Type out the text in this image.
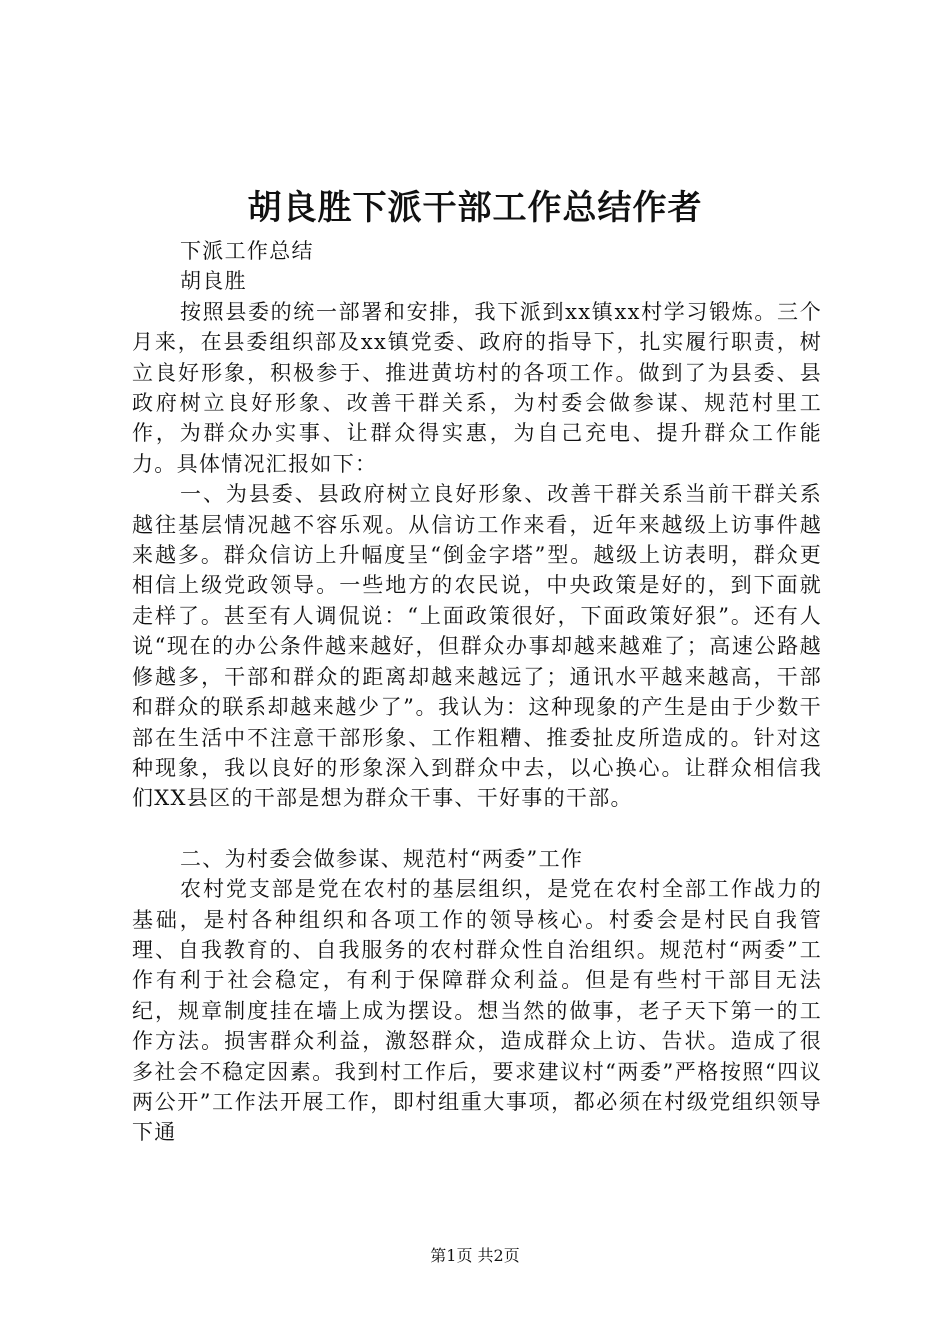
胡良胜下派干部工作总结作者

下派工作总结

胡良胜

按照县委的统一部署和安排，我下派到xx镇xx村学习锻炼。三个月来，在县委组织部及xx镇党委、政府的指导下，扎实履行职责，树立良好形象，积极参于、推进黄坊村的各项工作。做到了为县委、县政府树立良好形象、改善干群关系，为村委会做参谋、规范村里工作，为群众办实事、让群众得实惠，为自己充电、提升群众工作能力。具体情况汇报如下：

一、为县委、县政府树立良好形象、改善干群关系当前干群关系越往基层情况越不容乐观。从信访工作来看，近年来越级上访事件越来越多。群众信访上升幅度呈“倒金字塔”型。越级上访表明，群众更相信上级党政领导。一些地方的农民说，中央政策是好的，到下面就走样了。甚至有人调侃说：“上面政策很好，下面政策好狠”。还有人说“现在的办公条件越来越好，但群众办事却越来越难了；高速公路越修越多，干部和群众的距离却越来越远了；通讯水平越来越高，干部和群众的联系却越来越少了”。我认为：这种现象的产生是由于少数干部在生活中不注意干部形象、工作粗糟、推委扯皮所造成的。针对这种现象，我以良好的形象深入到群众中去，以心换心。让群众相信我们XX县区的干部是想为群众干事、干好事的干部。

二、为村委会做参谋、规范村“两委”工作

农村党支部是党在农村的基层组织，是党在农村全部工作战力的基础，是村各种组织和各项工作的领导核心。村委会是村民自我管理、自我教育的、自我服务的农村群众性自治组织。规范村“两委”工作有利于社会稳定，有利于保障群众利益。但是有些村干部目无法纪，规章制度挂在墙上成为摆设。想当然的做事，老子天下第一的工作方法。损害群众利益，激怒群众，造成群众上访、告状。造成了很多社会不稳定因素。我到村工作后，要求建议村“两委”严格按照“四议两公开”工作法开展工作，即村组重大事项，都必须在村级党组织领导下通

第1页 共2页
